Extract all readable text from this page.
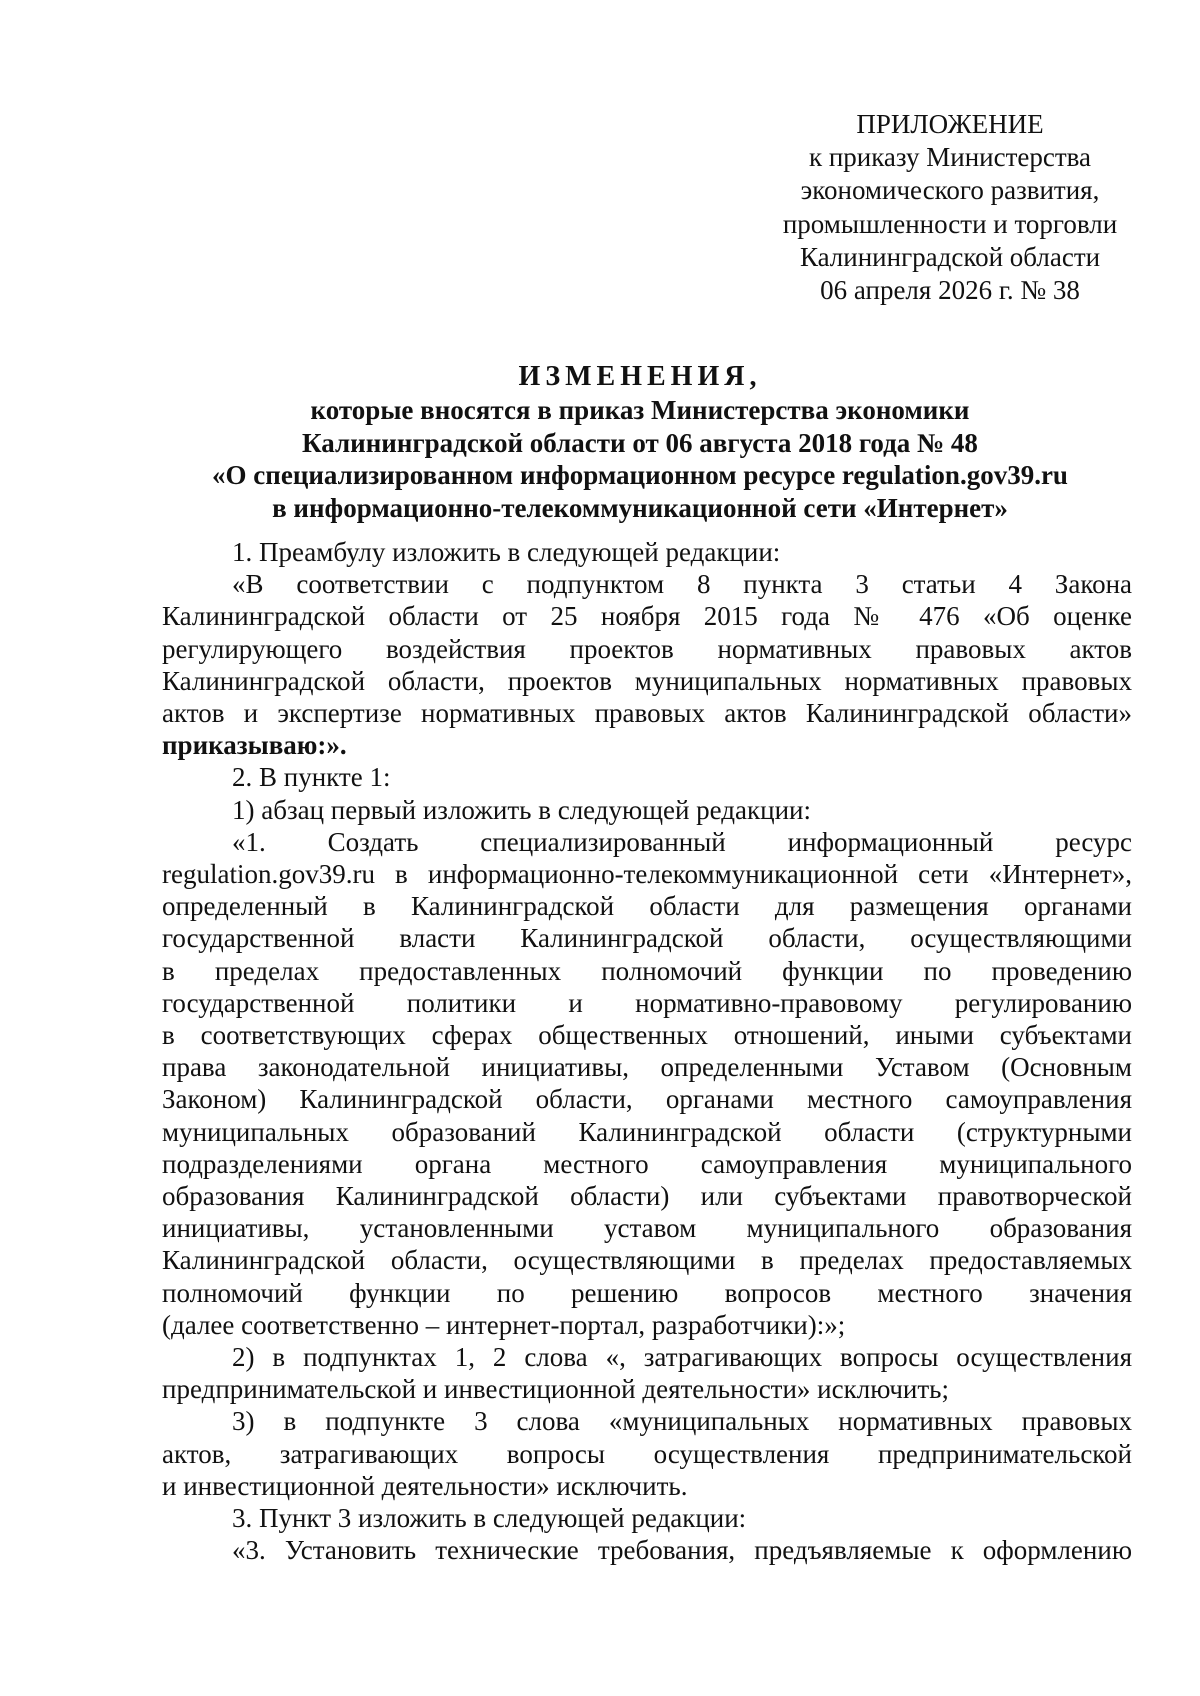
ПРИЛОЖЕНИЕ
к приказу Министерства
экономического развития,
промышленности и торговли
Калининградской области
06 апреля 2026 г. № 38
ИЗМЕНЕНИЯ,
которые вносятся в приказ Министерства экономики
Калининградской области от 06 августа 2018 года № 48
«О специализированном информационном ресурсе regulation.gov39.ru
в информационно-телекоммуникационной сети «Интернет»
1. Преамбулу изложить в следующей редакции:
«В соответствии с подпунктом 8 пункта 3 статьи 4 Закона
Калининградской области от 25 ноября 2015 года № 476 «Об оценке
регулирующего воздействия проектов нормативных правовых актов
Калининградской области, проектов муниципальных нормативных правовых
актов и экспертизе нормативных правовых актов Калининградской области»
приказываю:».
2. В пункте 1:
1) абзац первый изложить в следующей редакции:
«1. Создать специализированный информационный ресурс
regulation.gov39.ru в информационно-телекоммуникационной сети «Интернет»,
определенный в Калининградской области для размещения органами
государственной власти Калининградской области, осуществляющими
в пределах предоставленных полномочий функции по проведению
государственной политики и нормативно-правовому регулированию
в соответствующих сферах общественных отношений, иными субъектами
права законодательной инициативы, определенными Уставом (Основным
Законом) Калининградской области, органами местного самоуправления
муниципальных образований Калининградской области (структурными
подразделениями органа местного самоуправления муниципального
образования Калининградской области) или субъектами правотворческой
инициативы, установленными уставом муниципального образования
Калининградской области, осуществляющими в пределах предоставляемых
полномочий функции по решению вопросов местного значения
(далее соответственно – интернет-портал, разработчики):»;
2) в подпунктах 1, 2 слова «, затрагивающих вопросы осуществления
предпринимательской и инвестиционной деятельности» исключить;
3) в подпункте 3 слова «муниципальных нормативных правовых
актов, затрагивающих вопросы осуществления предпринимательской
и инвестиционной деятельности» исключить.
3. Пункт 3 изложить в следующей редакции:
«3. Установить технические требования, предъявляемые к оформлению
